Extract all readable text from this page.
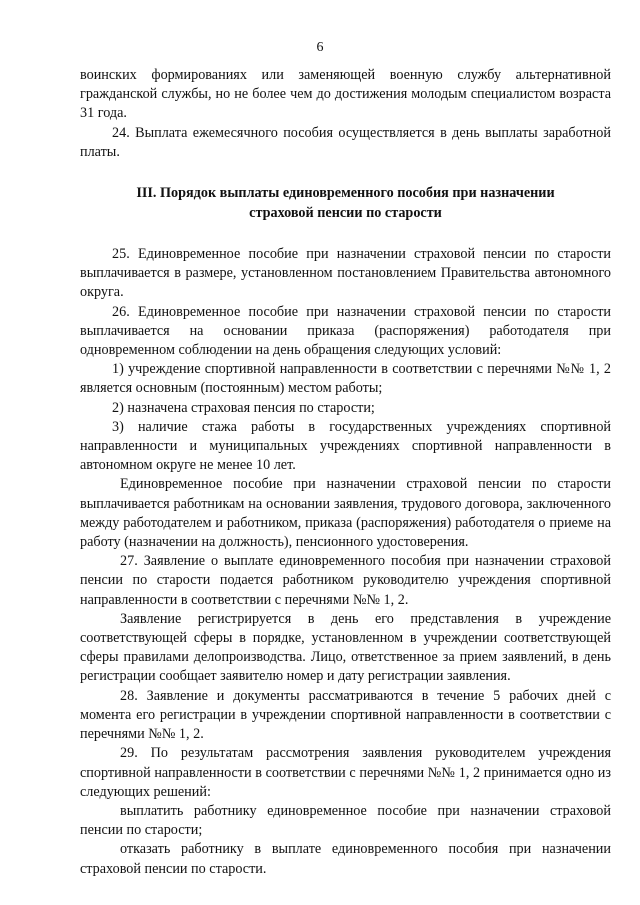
6

воинских формированиях или заменяющей военную службу альтернативной гражданской службы, но не более чем до достижения молодым специалистом возраста 31 года.

24. Выплата ежемесячного пособия осуществляется в день выплаты заработной платы.

III. Порядок выплаты единовременного пособия при назначении страховой пенсии по старости

25. Единовременное пособие при назначении страховой пенсии по старости выплачивается в размере, установленном постановлением Правительства автономного округа.

26. Единовременное пособие при назначении страховой пенсии по старости выплачивается на основании приказа (распоряжения) работодателя при одновременном соблюдении на день обращения следующих условий:

1) учреждение спортивной направленности в соответствии с перечнями №№ 1, 2 является основным (постоянным) местом работы;

2) назначена страховая пенсия по старости;

3) наличие стажа работы в государственных учреждениях спортивной направленности и муниципальных учреждениях спортивной направленности в автономном округе не менее 10 лет.

Единовременное пособие при назначении страховой пенсии по старости выплачивается работникам на основании заявления, трудового договора, заключенного между работодателем и работником, приказа (распоряжения) работодателя о приеме на работу (назначении на должность), пенсионного удостоверения.

27. Заявление о выплате единовременного пособия при назначении страховой пенсии по старости подается работником руководителю учреждения спортивной направленности в соответствии с перечнями №№ 1, 2.

Заявление регистрируется в день его представления в учреждение соответствующей сферы в порядке, установленном в учреждении соответствующей сферы правилами делопроизводства. Лицо, ответственное за прием заявлений, в день регистрации сообщает заявителю номер и дату регистрации заявления.

28. Заявление и документы рассматриваются в течение 5 рабочих дней с момента его регистрации в учреждении спортивной направленности в соответствии с перечнями №№ 1, 2.

29. По результатам рассмотрения заявления руководителем учреждения спортивной направленности в соответствии с перечнями №№ 1, 2 принимается одно из следующих решений:

выплатить работнику единовременное пособие при назначении страховой пенсии по старости;

отказать работнику в выплате единовременного пособия при назначении страховой пенсии по старости.
